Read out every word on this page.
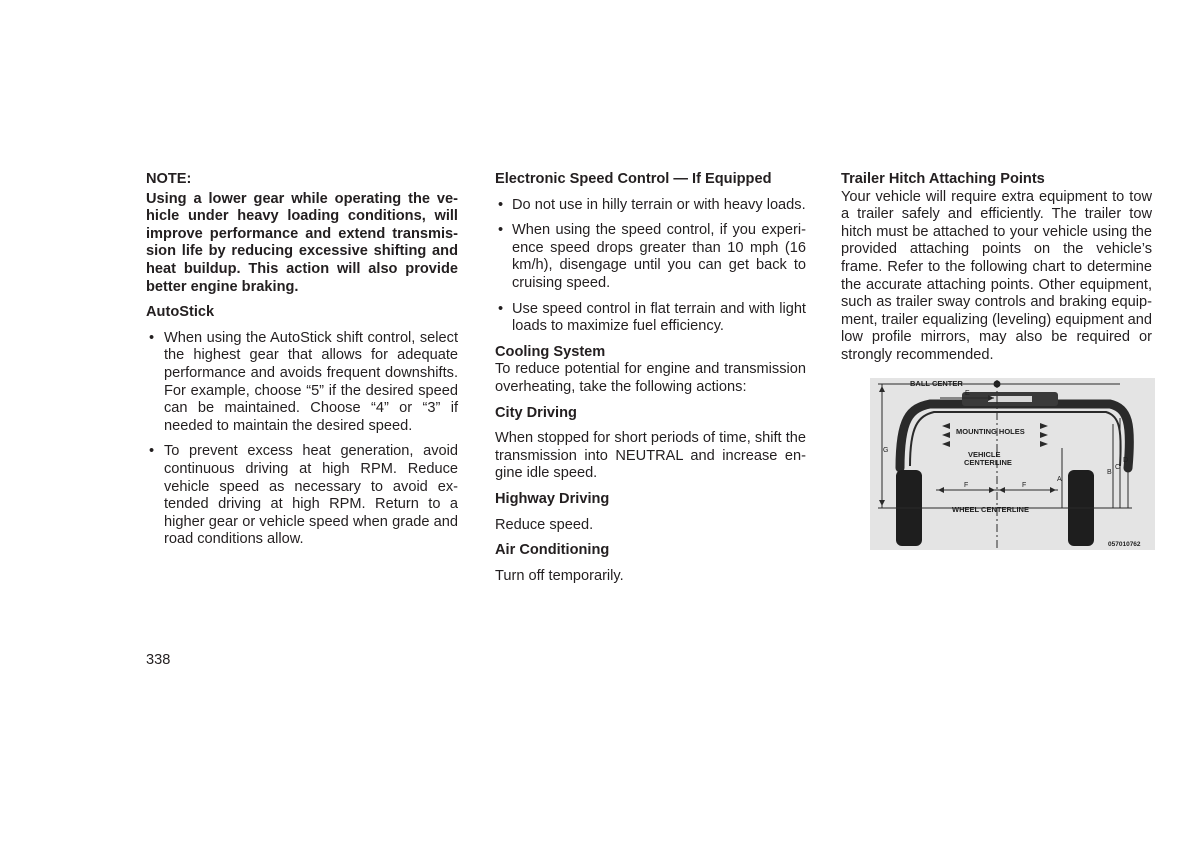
NOTE:

Using a lower gear while operating the ve-hicle under heavy loading conditions, will improve performance and extend transmis-sion life by reducing excessive shifting and heat buildup. This action will also provide better engine braking.

AutoStick
• When using the AutoStick shift control, select the highest gear that allows for adequate performance and avoids frequent downshifts. For example, choose “5” if the desired speed can be maintained. Choose “4” or “3” if needed to maintain the desired speed.
• To prevent excess heat generation, avoid continuous driving at high RPM. Reduce vehicle speed as necessary to avoid ex-tended driving at high RPM. Return to a higher gear or vehicle speed when grade and road conditions allow.
Electronic Speed Control — If Equipped
• Do not use in hilly terrain or with heavy loads.
• When using the speed control, if you experi-ence speed drops greater than 10 mph (16 km/h), disengage until you can get back to cruising speed.
• Use speed control in flat terrain and with light loads to maximize fuel efficiency.
Cooling System

To reduce potential for engine and transmission overheating, take the following actions:

City Driving

When stopped for short periods of time, shift the transmission into NEUTRAL and increase en-gine idle speed.

Highway Driving

Reduce speed.

Air Conditioning

Turn off temporarily.

Trailer Hitch Attaching Points

Your vehicle will require extra equipment to tow a trailer safely and efficiently. The trailer tow hitch must be attached to your vehicle using the provided attaching points on the vehicle’s frame. Refer to the following chart to determine the accurate attaching points. Other equipment, such as trailer sway controls and braking equip-ment, trailer equalizing (leveling) equipment and low profile mirrors, may also be required or strongly recommended.

BALL CENTER
MOUNTING HOLES
VEHICLE
CENTERLINE
WHEEL CENTERLINE
057010762
G
E
F	F
A
B
C
D
338
